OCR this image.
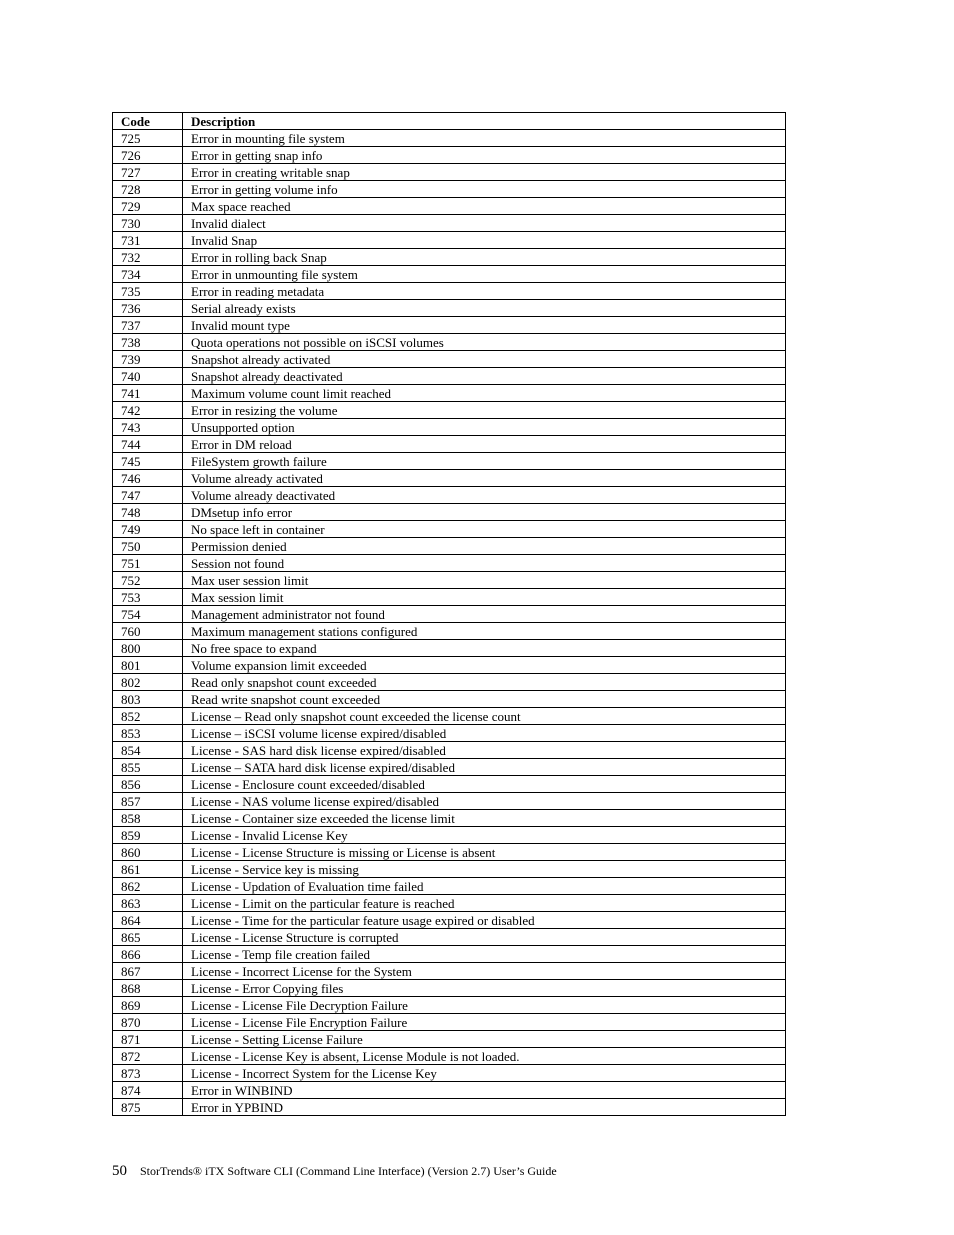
Code	Description
725	Error in mounting file system
726	Error in getting snap info
727	Error in creating writable snap
728	Error in getting volume info
729	Max space reached
730	Invalid dialect
731	Invalid Snap
732	Error in rolling back Snap
734	Error in unmounting file system
735	Error in reading metadata
736	Serial already exists
737	Invalid mount type
738	Quota operations not possible on iSCSI volumes
739	Snapshot already activated
740	Snapshot already deactivated
741	Maximum volume count limit reached
742	Error in resizing the volume
743	Unsupported option
744	Error in DM reload
745	FileSystem growth failure
746	Volume already activated
747	Volume already deactivated
748	DMsetup info error
749	No space left in container
750	Permission denied
751	Session not found
752	Max user session limit
753	Max session limit
754	Management administrator not found
760	Maximum management stations configured
800	No free space to expand
801	Volume expansion limit exceeded
802	Read only snapshot count exceeded
803	Read write snapshot count exceeded
852	License – Read only snapshot count exceeded the license count
853	License – iSCSI volume license expired/disabled
854	License - SAS hard disk license expired/disabled
855	License – SATA hard disk license expired/disabled
856	License - Enclosure count exceeded/disabled
857	License - NAS volume license expired/disabled
858	License - Container size exceeded the license limit
859	License - Invalid License Key
860	License - License Structure is missing or License is absent
861	License - Service key is missing
862	License - Updation of Evaluation time failed
863	License - Limit on the particular feature is reached
864	License - Time for the particular feature usage expired or disabled
865	License - License Structure is corrupted
866	License - Temp file creation failed
867	License - Incorrect License for the System
868	License - Error Copying files
869	License - License File Decryption Failure
870	License - License File Encryption Failure
871	License - Setting License Failure
872	License - License Key is absent, License Module is not loaded.
873	License - Incorrect System for the License Key
874	Error in WINBIND
875	Error in YPBIND
50 StorTrends® iTX Software CLI (Command Line Interface) (Version 2.7) User’s Guide
